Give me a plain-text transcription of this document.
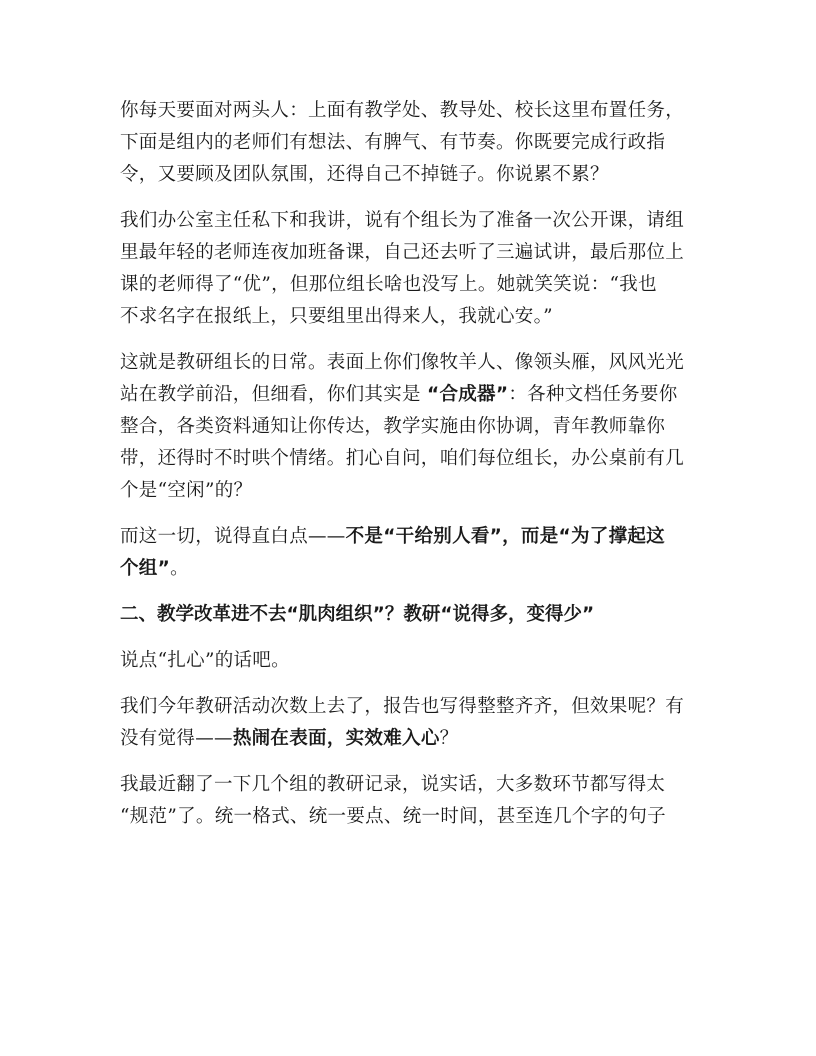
你每天要面对两头人：上面有教学处、教导处、校长这里布置任务，
下面是组内的老师们有想法、有脾气、有节奏。你既要完成行政指
令，又要顾及团队氛围，还得自己不掉链子。你说累不累？

我们办公室主任私下和我讲，说有个组长为了准备一次公开课，请组
里最年轻的老师连夜加班备课，自己还去听了三遍试讲，最后那位上
课的老师得了“优”，但那位组长啥也没写上。她就笑笑说：“我也
不求名字在报纸上，只要组里出得来人，我就心安。”

这就是教研组长的日常。表面上你们像牧羊人、像领头雁，风风光光
站在教学前沿，但细看，你们其实是 “合成器”：各种文档任务要你
整合，各类资料通知让你传达，教学实施由你协调，青年教师靠你
带，还得时不时哄个情绪。扪心自问，咱们每位组长，办公桌前有几
个是“空闲”的？

而这一切，说得直白点——不是“干给别人看”，而是“为了撑起这
个组”。

二、教学改革进不去“肌肉组织”？教研“说得多，变得少”

说点“扎心”的话吧。

我们今年教研活动次数上去了，报告也写得整整齐齐，但效果呢？有
没有觉得——热闹在表面，实效难入心？

我最近翻了一下几个组的教研记录，说实话，大多数环节都写得太
“规范”了。统一格式、统一要点、统一时间，甚至连几个字的句子
